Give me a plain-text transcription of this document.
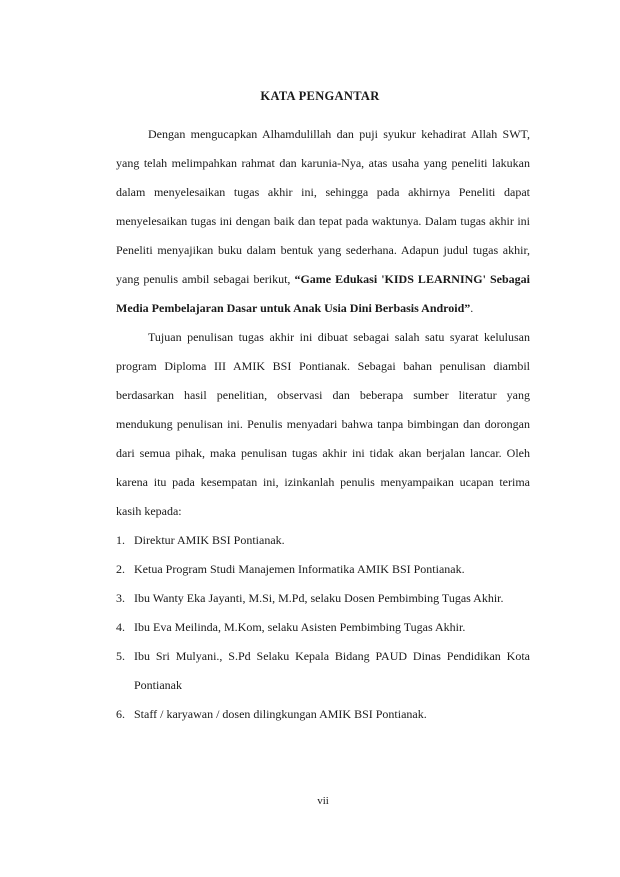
KATA PENGANTAR

Dengan mengucapkan Alhamdulillah dan puji syukur kehadirat Allah SWT, yang telah melimpahkan rahmat dan karunia-Nya, atas usaha yang peneliti lakukan dalam menyelesaikan tugas akhir ini, sehingga pada akhirnya Peneliti dapat menyelesaikan tugas ini dengan baik dan tepat pada waktunya. Dalam tugas akhir ini Peneliti menyajikan buku dalam bentuk yang sederhana. Adapun judul tugas akhir, yang penulis ambil sebagai berikut, “Game Edukasi 'KIDS LEARNING' Sebagai Media Pembelajaran Dasar untuk Anak Usia Dini Berbasis Android”.

Tujuan penulisan tugas akhir ini dibuat sebagai salah satu syarat kelulusan program Diploma III AMIK BSI Pontianak. Sebagai bahan penulisan diambil berdasarkan hasil penelitian, observasi dan beberapa sumber literatur yang mendukung penulisan ini. Penulis menyadari bahwa tanpa bimbingan dan dorongan dari semua pihak, maka penulisan tugas akhir ini tidak akan berjalan lancar. Oleh karena itu pada kesempatan ini, izinkanlah penulis menyampaikan ucapan terima kasih kepada:

1. Direktur AMIK BSI Pontianak.
2. Ketua Program Studi Manajemen Informatika AMIK BSI Pontianak.
3. Ibu Wanty Eka Jayanti, M.Si, M.Pd, selaku Dosen Pembimbing Tugas Akhir.
4. Ibu Eva Meilinda, M.Kom, selaku Asisten Pembimbing Tugas Akhir.
5. Ibu Sri Mulyani., S.Pd Selaku Kepala Bidang PAUD Dinas Pendidikan Kota Pontianak
6. Staff / karyawan / dosen dilingkungan AMIK BSI Pontianak.
vii
